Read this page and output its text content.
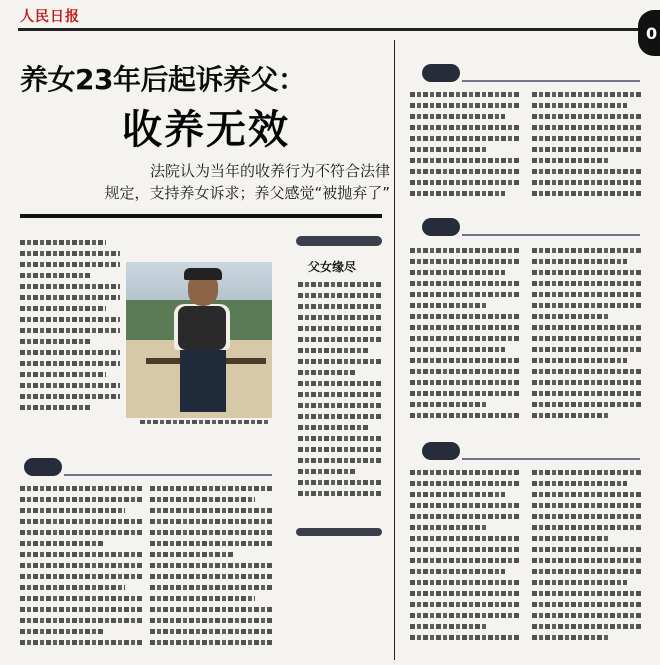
人民日报
0
养女23年后起诉养父：
收养无效
法院认为当年的收养行为不符合法律
规定，支持养女诉求；养父感觉“被抛弃了”
父女缘尽
